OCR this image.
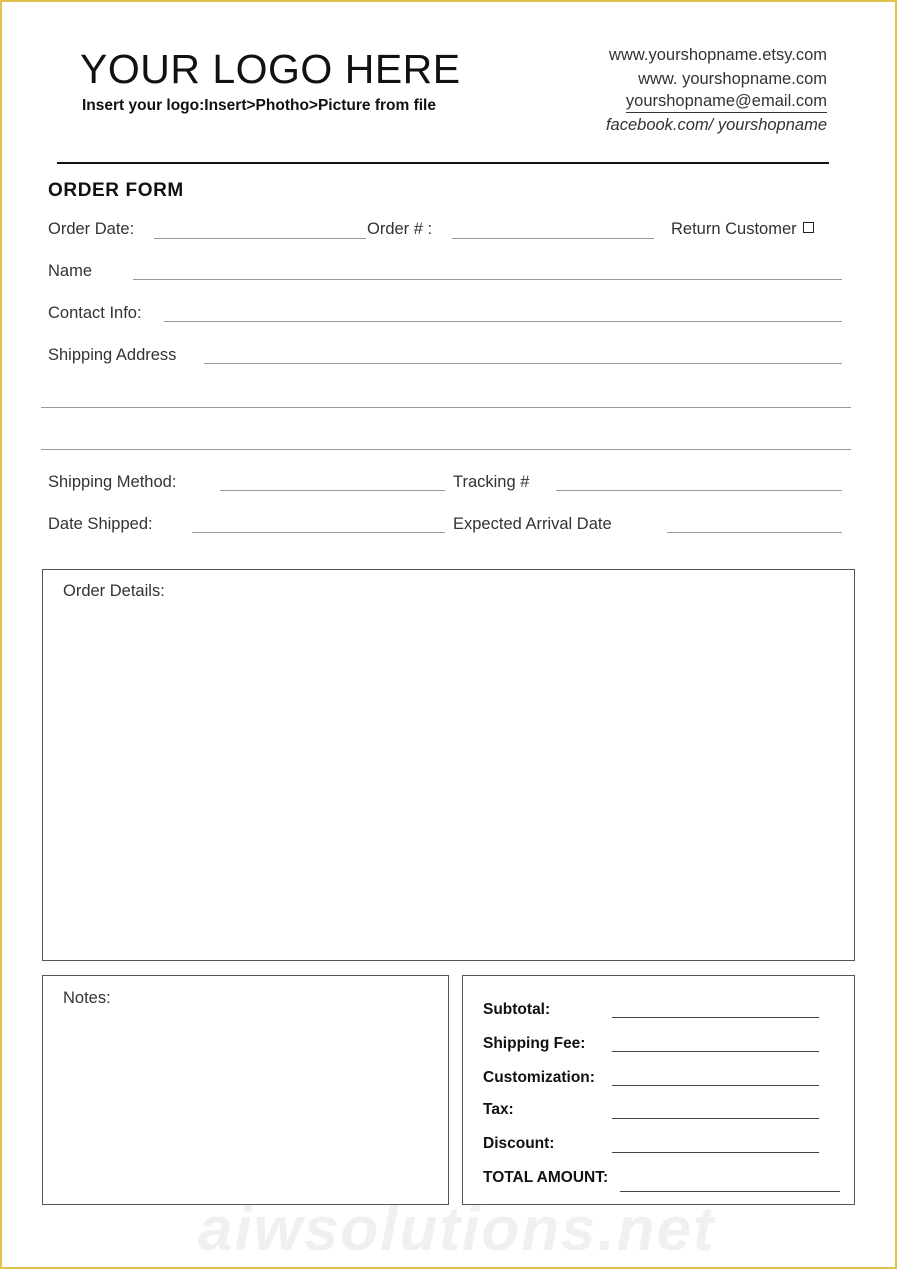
YOUR LOGO HERE
Insert your logo:Insert>Photho>Picture from file
www.yourshopname.etsy.com
www. yourshopname.com
yourshopname@email.com
facebook.com/ yourshopname
ORDER FORM
Order Date:	Order # :	Return Customer
Name
Contact Info:
Shipping Address
Shipping Method:	Tracking #
Date Shipped:	Expected Arrival Date
Order Details:
Notes:
Subtotal:
Shipping Fee:
Customization:
Tax:
Discount:
TOTAL AMOUNT:
aiwsolutions.net
